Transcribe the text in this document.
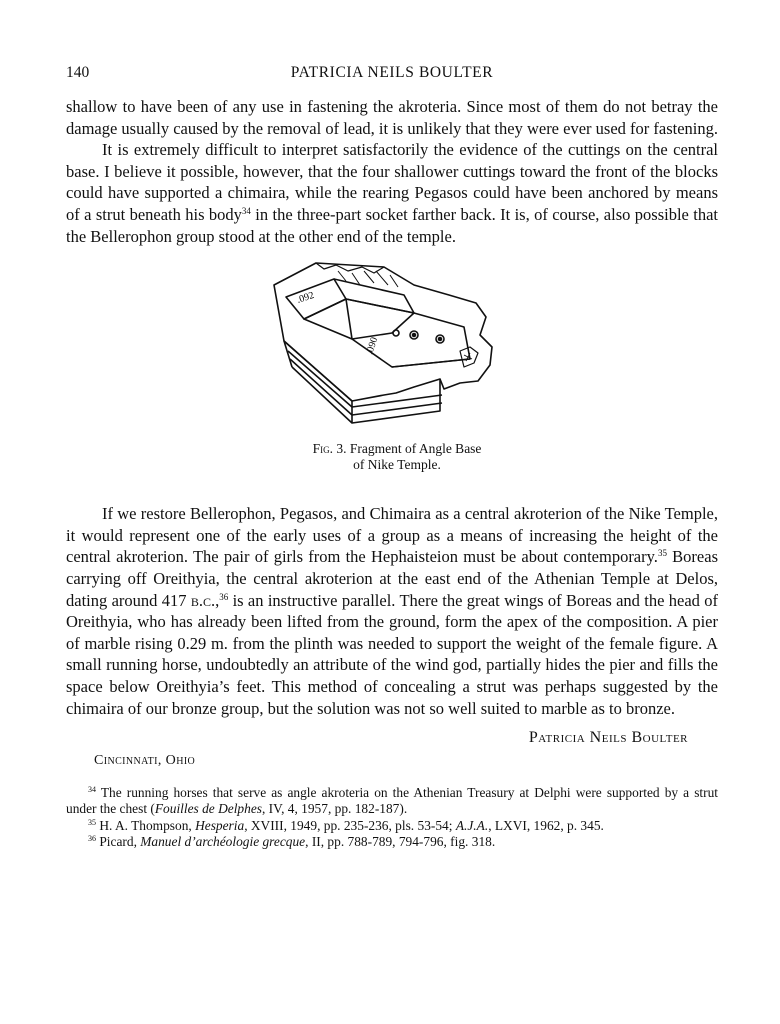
140	PATRICIA NEILS BOULTER

shallow to have been of any use in fastening the akroteria. Since most of them do not betray the damage usually caused by the removal of lead, it is unlikely that they were ever used for fastening.

It is extremely difficult to interpret satisfactorily the evidence of the cuttings on the central base. I believe it possible, however, that the four shallower cuttings toward the front of the blocks could have supported a chimaira, while the rearing Pegasos could have been anchored by means of a strut beneath his body$^{34}$ in the three-part socket farther back. It is, of course, also possible that the Bellerophon group stood at the other end of the temple.

.092
.090
Fig. 3. Fragment of Angle Base
of Nike Temple.

If we restore Bellerophon, Pegasos, and Chimaira as a central akroterion of the Nike Temple, it would represent one of the early uses of a group as a means of increasing the height of the central akroterion. The pair of girls from the Hephaisteion must be about contemporary.$^{35}$ Boreas carrying off Oreithyia, the central akroterion at the east end of the Athenian Temple at Delos, dating around 417 b.c.,$^{36}$ is an instructive parallel. There the great wings of Boreas and the head of Oreithyia, who has already been lifted from the ground, form the apex of the composition. A pier of marble rising 0.29 m. from the plinth was needed to support the weight of the female figure. A small running horse, undoubtedly an attribute of the wind god, partially hides the pier and fills the space below Oreithyia’s feet. This method of concealing a strut was perhaps suggested by the chimaira of our bronze group, but the solution was not so well suited to marble as to bronze.

Patricia Neils Boulter
Cincinnati, Ohio

$^{34}$ The running horses that serve as angle akroteria on the Athenian Treasury at Delphi were supported by a strut under the chest (Fouilles de Delphes, IV, 4, 1957, pp. 182-187).

$^{35}$ H. A. Thompson, Hesperia, XVIII, 1949, pp. 235-236, pls. 53-54; A.J.A., LXVI, 1962, p. 345.

$^{36}$ Picard, Manuel d’archéologie grecque, II, pp. 788-789, 794-796, fig. 318.
